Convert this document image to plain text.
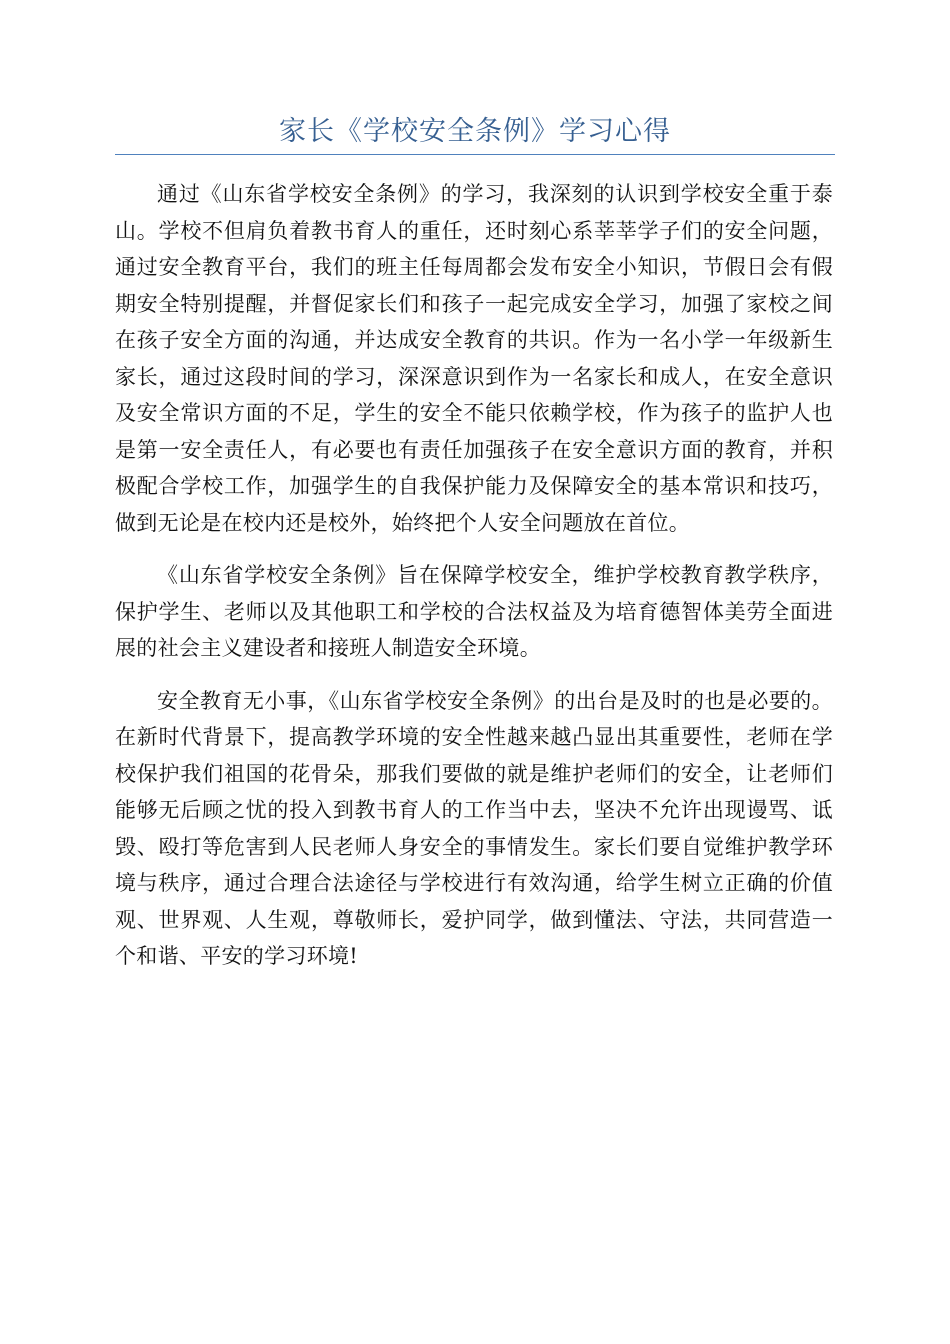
家长《学校安全条例》学习心得

通过《山东省学校安全条例》的学习，我深刻的认识到学校安全重于泰山。学校不但肩负着教书育人的重任，还时刻心系莘莘学子们的安全问题，通过安全教育平台，我们的班主任每周都会发布安全小知识，节假日会有假期安全特别提醒，并督促家长们和孩子一起完成安全学习，加强了家校之间在孩子安全方面的沟通，并达成安全教育的共识。作为一名小学一年级新生家长，通过这段时间的学习，深深意识到作为一名家长和成人，在安全意识及安全常识方面的不足，学生的安全不能只依赖学校，作为孩子的监护人也是第一安全责任人，有必要也有责任加强孩子在安全意识方面的教育，并积极配合学校工作，加强学生的自我保护能力及保障安全的基本常识和技巧，做到无论是在校内还是校外，始终把个人安全问题放在首位。

《山东省学校安全条例》旨在保障学校安全，维护学校教育教学秩序，保护学生、老师以及其他职工和学校的合法权益及为培育德智体美劳全面进展的社会主义建设者和接班人制造安全环境。

安全教育无小事，《山东省学校安全条例》的出台是及时的也是必要的。在新时代背景下，提高教学环境的安全性越来越凸显出其重要性，老师在学校保护我们祖国的花骨朵，那我们要做的就是维护老师们的安全，让老师们能够无后顾之忧的投入到教书育人的工作当中去，坚决不允许出现谩骂、诋毁、殴打等危害到人民老师人身安全的事情发生。家长们要自觉维护教学环境与秩序，通过合理合法途径与学校进行有效沟通，给学生树立正确的价值观、世界观、人生观，尊敬师长，爱护同学，做到懂法、守法，共同营造一个和谐、平安的学习环境!
